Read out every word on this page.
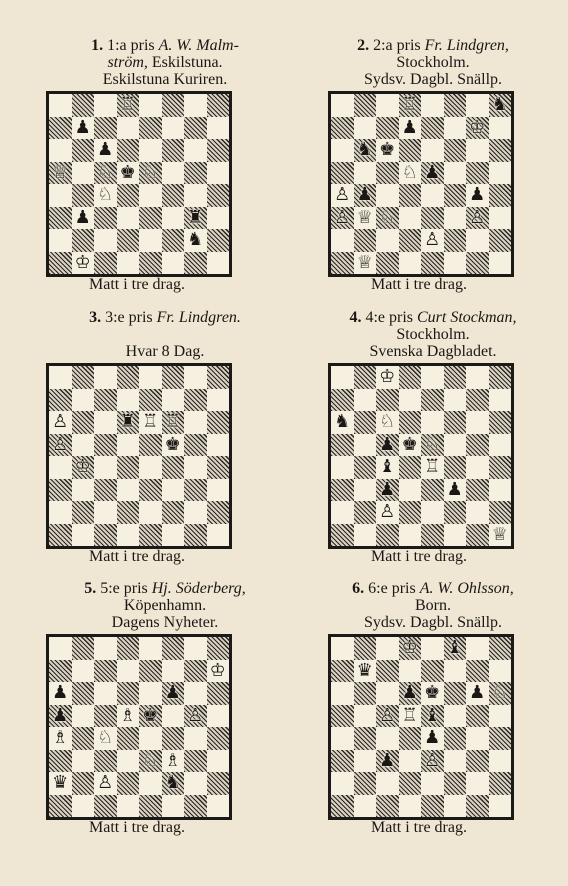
1. 1:a pris A. W. Malm-
ström, Eskilstuna.
Eskilstuna Kuriren.
♖
♟
♟
♕ ♘ ♚ ♘
♘
♟	♜
♞
♔
Matt i tre drag.
2. 2:a pris Fr. Lindgren,
Stockholm.
Sydsv. Dagbl. Snällp.
♖	♞
♟	♔
♞ ♚
♘ ♟
♙ ♟	♟
♙ ♕ ♘	♙
♙
♕
Matt i tre drag.
3. 3:e pris Fr. Lindgren.
Hvar 8 Dag.
♙	♜ ♖ ♖
♙	♚
♔
Matt i tre drag.
4. 4:e pris Curt Stockman,
Stockholm.
Svenska Dagbladet.
♔
♞ ♘
♟ ♚ ♘
♝ ♖
♟	♟
♙
♕
Matt i tre drag.
5. 5:e pris Hj. Söderberg,
Köpenhamn.
Dagens Nyheter.
♔
♟	♟
♟	♗ ♚ ♙
♗ ♘
♘ ♗
♛ ♙	♞
Matt i tre drag.
6. 6:e pris A. W. Ohlsson,
Born.
Sydsv. Dagbl. Snällp.
♔ ♝
♛
♟ ♚ ♟ ♘
♙ ♖ ♝
♟
♟ ♙
Matt i tre drag.
